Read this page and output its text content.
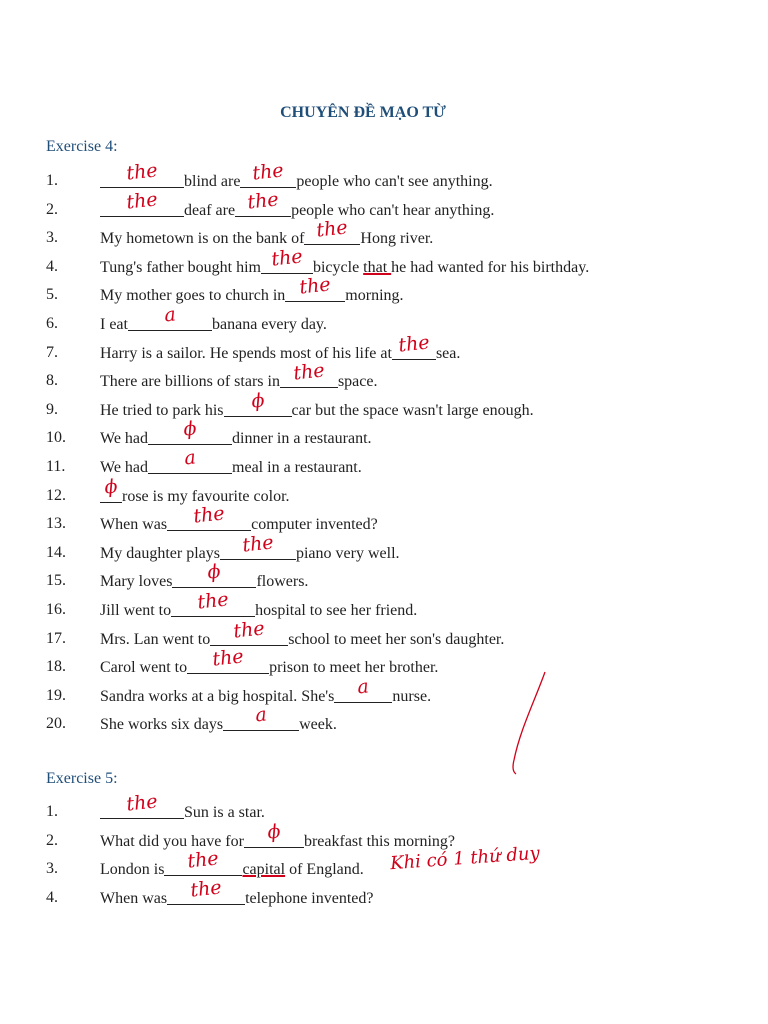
CHUYÊN ĐỀ MẠO TỪ
Exercise 4:
1.	the blind are the people who can't see anything.
2.	the deaf are the people who can't hear anything.
3.	My hometown is on the bank of the Hong river.
4.	Tung's father bought him the bicycle that he had wanted for his birthday.
5.	My mother goes to church in the morning.
6.	I eat a banana every day.
7.	Harry is a sailor. He spends most of his life at the sea.
8.	There are billions of stars in the space.
9.	He tried to park his ϕ car but the space wasn't large enough.
10.	We had ϕ dinner in a restaurant.
11.	We had a meal in a restaurant.
12.	ϕ rose is my favourite color.
13.	When was the computer invented?
14.	My daughter plays the piano very well.
15.	Mary loves ϕ flowers.
16.	Jill went to the hospital to see her friend.
17.	Mrs. Lan went to the school to meet her son's daughter.
18.	Carol went to the prison to meet her brother.
19.	Sandra works at a big hospital. She's a nurse.
20.	She works six days a week.
Exercise 5:
1.	the Sun is a star.
2.	What did you have for ϕ breakfast this morning?
3.	London is the capital of England.
4.	When was the telephone invented?
Khi có 1 thứ duy
